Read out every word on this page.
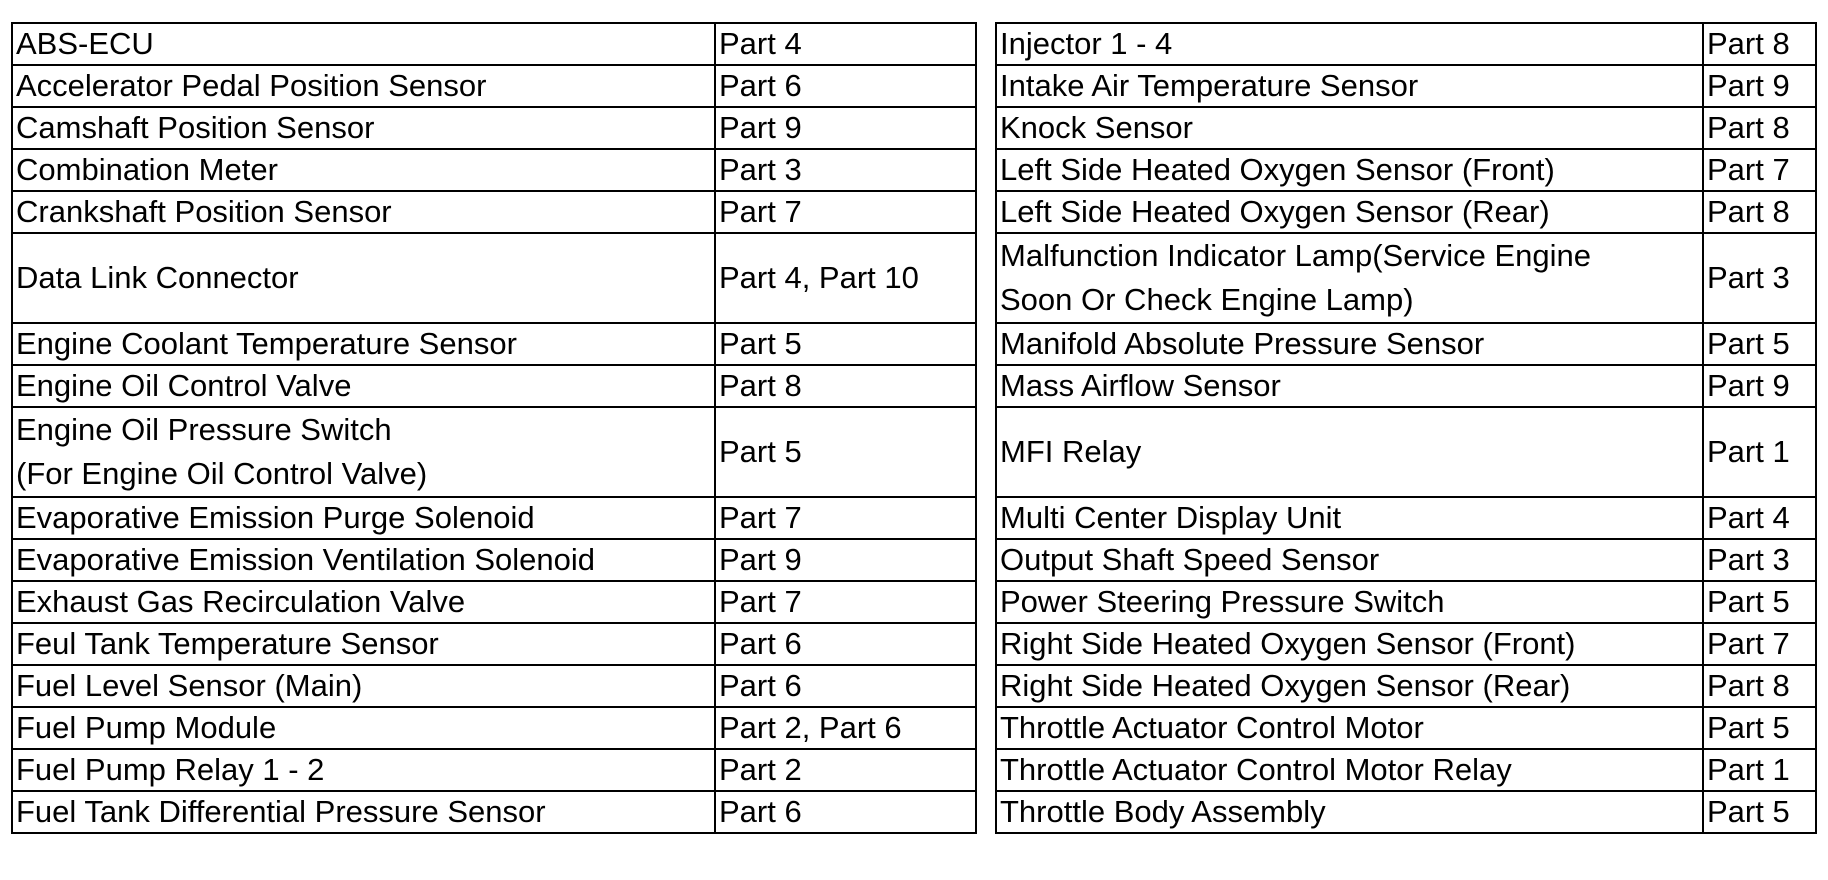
ABS-ECU	Part 4
Accelerator Pedal Position Sensor	Part 6
Camshaft Position Sensor	Part 9
Combination Meter	Part 3
Crankshaft Position Sensor	Part 7
Data Link Connector	Part 4, Part 10
Engine Coolant Temperature Sensor	Part 5
Engine Oil Control Valve	Part 8

Engine Oil Pressure Switch
(For Engine Oil Control Valve)	Part 5
Evaporative Emission Purge Solenoid	Part 7
Evaporative Emission Ventilation Solenoid	Part 9
Exhaust Gas Recirculation Valve	Part 7
Feul Tank Temperature Sensor	Part 6
Fuel Level Sensor (Main)	Part 6
Fuel Pump Module	Part 2, Part 6
Fuel Pump Relay 1 - 2	Part 2
Fuel Tank Differential Pressure Sensor	Part 6
Injector 1 - 4	Part 8
Intake Air Temperature Sensor	Part 9
Knock Sensor	Part 8
Left Side Heated Oxygen Sensor (Front)	Part 7
Left Side Heated Oxygen Sensor (Rear)	Part 8

Malfunction Indicator Lamp(Service Engine
Soon Or Check Engine Lamp)	Part 3
Manifold Absolute Pressure Sensor	Part 5
Mass Airflow Sensor	Part 9
MFI Relay	Part 1
Multi Center Display Unit	Part 4
Output Shaft Speed Sensor	Part 3
Power Steering Pressure Switch	Part 5
Right Side Heated Oxygen Sensor (Front)	Part 7
Right Side Heated Oxygen Sensor (Rear)	Part 8
Throttle Actuator Control Motor	Part 5
Throttle Actuator Control Motor Relay	Part 1
Throttle Body Assembly	Part 5
